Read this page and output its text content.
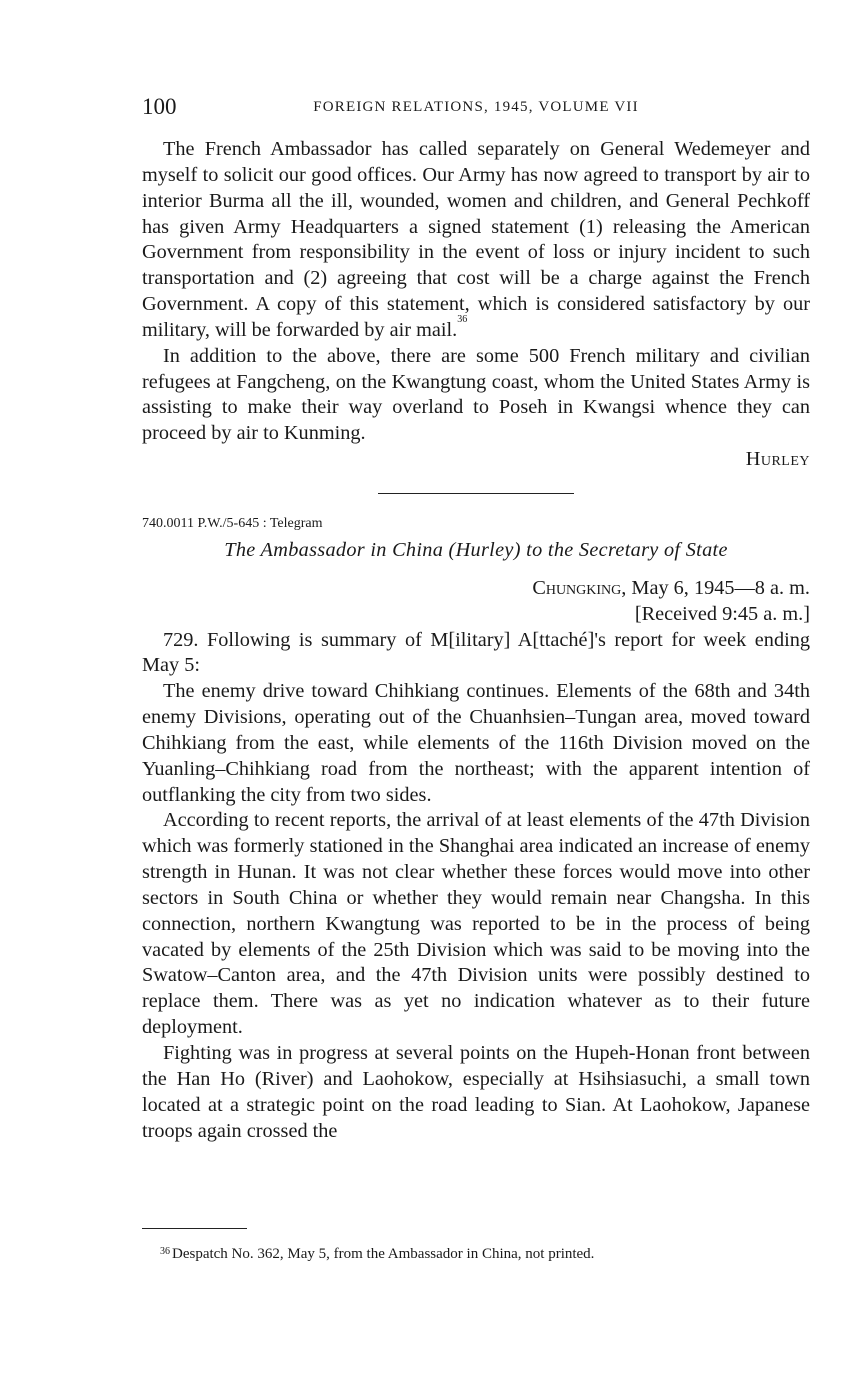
100	FOREIGN RELATIONS, 1945, VOLUME VII

The French Ambassador has called separately on General Wedemeyer and myself to solicit our good offices. Our Army has now agreed to transport by air to interior Burma all the ill, wounded, women and children, and General Pechkoff has given Army Headquarters a signed statement (1) releasing the American Government from responsibility in the event of loss or injury incident to such transportation and (2) agreeing that cost will be a charge against the French Government. A copy of this statement, which is considered satisfactory by our military, will be forwarded by air mail.$^{36}$

In addition to the above, there are some 500 French military and civilian refugees at Fangcheng, on the Kwangtung coast, whom the United States Army is assisting to make their way overland to Poseh in Kwangsi whence they can proceed by air to Kunming.

Hurley
740.0011 P.W./5-645 : Telegram
The Ambassador in China (Hurley) to the Secretary of State
Chungking, May 6, 1945—8 a. m.
[Received 9:45 a. m.]

729. Following is summary of M[ilitary] A[ttaché]'s report for week ending May 5:

The enemy drive toward Chihkiang continues. Elements of the 68th and 34th enemy Divisions, operating out of the Chuanhsien–Tungan area, moved toward Chihkiang from the east, while elements of the 116th Division moved on the Yuanling–Chihkiang road from the northeast; with the apparent intention of outflanking the city from two sides.

According to recent reports, the arrival of at least elements of the 47th Division which was formerly stationed in the Shanghai area indicated an increase of enemy strength in Hunan. It was not clear whether these forces would move into other sectors in South China or whether they would remain near Changsha. In this connection, northern Kwangtung was reported to be in the process of being vacated by elements of the 25th Division which was said to be moving into the Swatow–Canton area, and the 47th Division units were possibly destined to replace them. There was as yet no indication whatever as to their future deployment.

Fighting was in progress at several points on the Hupeh-Honan front between the Han Ho (River) and Laohokow, especially at Hsihsiasuchi, a small town located at a strategic point on the road leading to Sian. At Laohokow, Japanese troops again crossed the

$^{36}$ Despatch No. 362, May 5, from the Ambassador in China, not printed.
